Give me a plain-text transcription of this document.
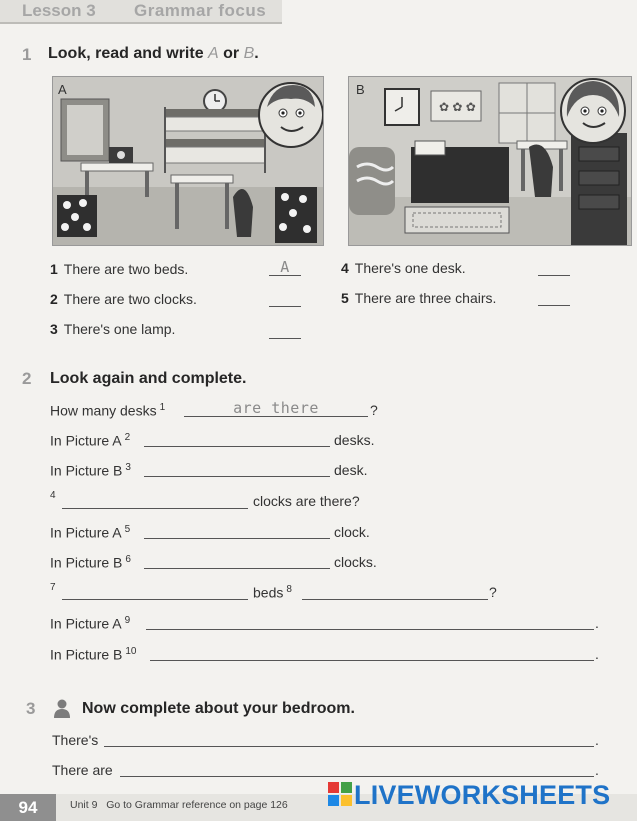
Lesson 3 Grammar focus
1 Look, read and write A or B.
A
✿ ✿ ✿
B
1 There are two beds.	A
2 There are two clocks.
3 There's one lamp.
4 There's one desk.
5 There are three chairs.
2 Look again and complete.
How many desks $^1$	are there	?
In Picture A $^2$	desks.
In Picture B $^3$	desk.
$^4$	clocks are there?
In Picture A $^5$	clock.
In Picture B $^6$	clocks.
$^7$	beds $^8$	?
In Picture A $^9$	.
In Picture B $^{10}$	.
3	Now complete about your bedroom.
There's	.
There are	.
94	Unit 9 Go to Grammar reference on page 126 LIVEWORKSHEETS
